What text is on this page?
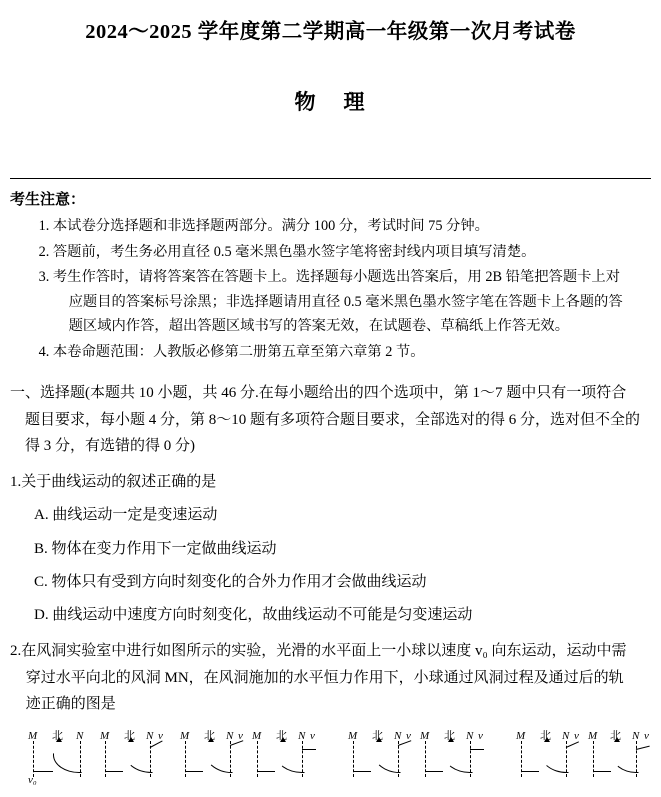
2024～2025 学年度第二学期高一年级第一次月考试卷
物 理
考生注意：
1. 本试卷分选择题和非选择题两部分。满分 100 分，考试时间 75 分钟。
2. 答题前，考生务必用直径 0.5 毫米黑色墨水签字笔将密封线内项目填写清楚。
3. 考生作答时，请将答案答在答题卡上。选择题每小题选出答案后，用 2B 铅笔把答题卡上对
应题目的答案标号涂黑；非选择题请用直径 0.5 毫米黑色墨水签字笔在答题卡上各题的答
题区域内作答，超出答题区域书写的答案无效，在试题卷、草稿纸上作答无效。
4. 本卷命题范围：人教版必修第二册第五章至第六章第 2 节。
一、选择题(本题共 10 小题，共 46 分.在每小题给出的四个选项中，第 1～7 题中只有一项符合
题目要求，每小题 4 分，第 8～10 题有多项符合题目要求，全部选对的得 6 分，选对但不全的
得 3 分，有选错的得 0 分)
1.关于曲线运动的叙述正确的是
A. 曲线运动一定是变速运动
B. 物体在变力作用下一定做曲线运动
C. 物体只有受到方向时刻变化的合外力作用才会做曲线运动
D. 曲线运动中速度方向时刻变化，故曲线运动不可能是匀变速运动
2.在风洞实验室中进行如图所示的实验，光滑的水平面上一小球以速度 v₀ 向东运动，运动中需
穿过水平向北的风洞 MN，在风洞施加的水平恒力作用下，小球通过风洞过程及通过后的轨
迹正确的图是
M 北 N
v₀
M 北 N v M 北 N v M 北 N v	M 北 N v M 北 N v	M 北 N v M 北 N v
